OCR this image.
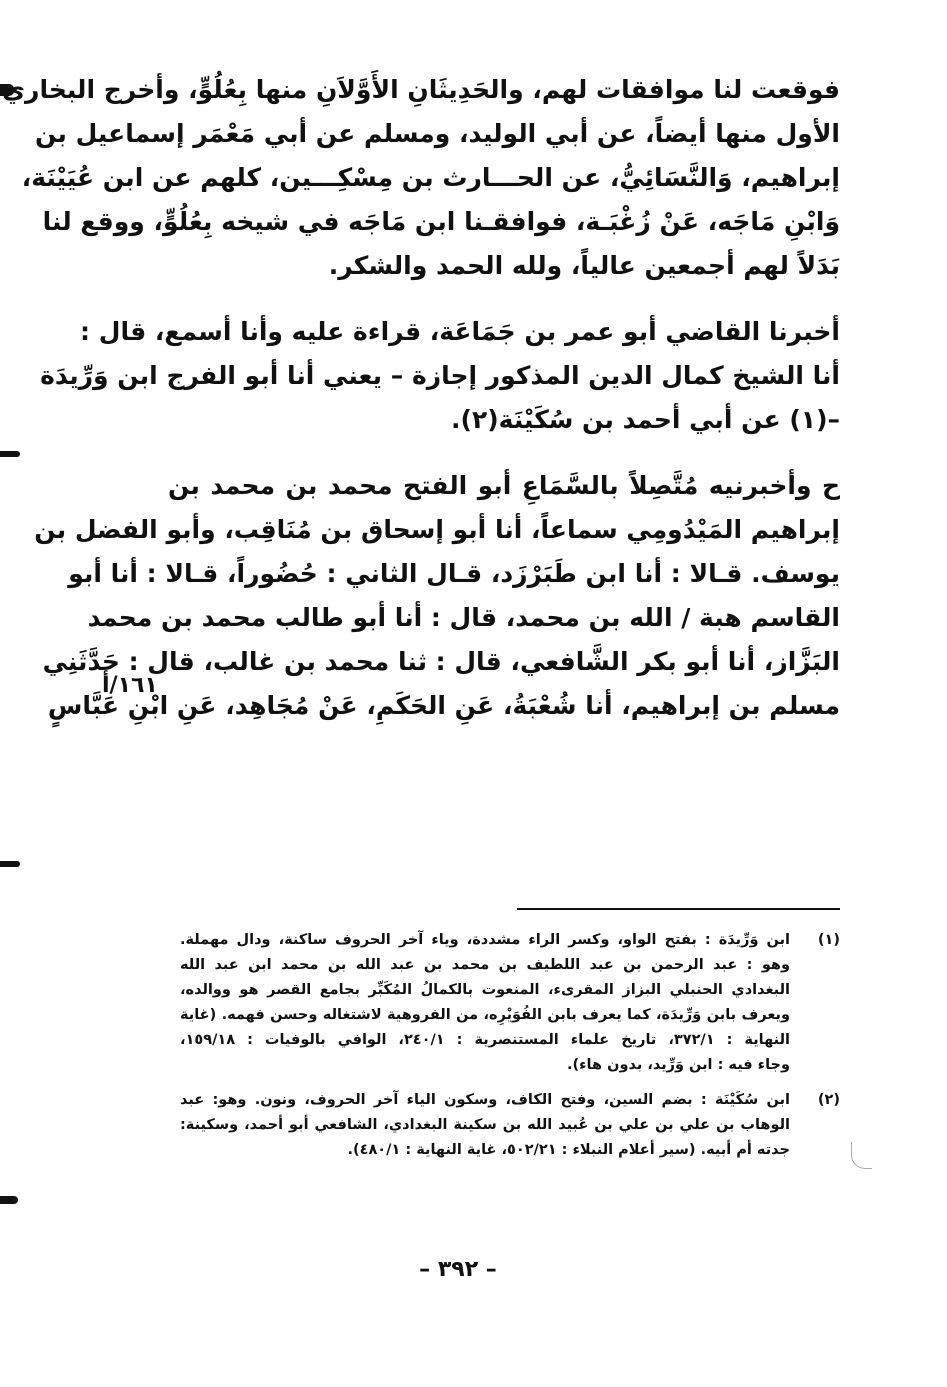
فوقعت لنا موافقات لهم، والحَدِيثَانِ الأَوَّلاَنِ منها بِعُلُوٍّ، وأخرج البخاري
الأول منها أيضاً، عن أبي الوليد، ومسلم عن أبي مَعْمَر إسماعيل بن
إبراهيم، وَالنَّسَائِيُّ، عن الحـــارث بن مِسْكِـــين، كلهم عن ابن عُيَيْنَة،
وَابْنِ مَاجَه، عَنْ زُغْبَـة، فوافقـنا ابن مَاجَه في شيخه بِعُلُوٍّ، ووقع لنا
بَدَلاً لهم أجمعين عالياً، ولله الحمد والشكر.
أخبرنا القاضي أبو عمر بن جَمَاعَة، قراءة عليه وأنا أسمع، قال :
أنا الشيخ كمال الدين المذكور إجازة – يعني أنا أبو الفرج ابن وَرِّيدَة
–(١) عن أبي أحمد بن سُكَيْنَة(٢).
ح وأخبرنيه مُتَّصِلاً بالسَّمَاعِ أبو الفتح محمد بن محمد بن
إبراهيم المَيْدُومِي سماعاً، أنا أبو إسحاق بن مُنَاقِب، وأبو الفضل بن
يوسف. قـالا : أنا ابن طَبَرْزَد، قـال الثاني : حُضُوراً، قـالا : أنا أبو
القاسم هبة / الله بن محمد، قال : أنا أبو طالب محمد بن محمد
البَزَّاز، أنا أبو بكر الشَّافعي، قال : ثنا محمد بن غالب، قال : حَدَّثَنِي
مسلم بن إبراهيم، أنا شُعْبَةُ، عَنِ الحَكَمِ، عَنْ مُجَاهِد، عَنِ ابْنِ عَبَّاسٍ
١٦١/أ
(١)
ابن وَرِّيدَة : بفتح الواو، وكسر الراء مشددة، وياء آخر الحروف ساكنة، ودال مهملة.
وهو : عبد الرحمن بن عبد اللطيف بن محمد بن عبد الله بن محمد ابن عبد الله
البغدادي الحنبلي البزاز المقرىء، المنعوت بالكمالُ المُكَبِّر بجامع القصر هو ووالده،
ويعرف بابن وَرِّيدَة، كما يعرف بابن الفُوَيْرِه، من الفروهية لاشتغاله وحسن فهمه. (غاية
النهاية : ٣٧٢/١، تاريخ علماء المستنصرية : ٢٤٠/١، الوافي بالوفيات : ١٥٩/١٨،
وجاء فيه : ابن وَرِّيد، بدون هاء).
(٢)
ابن سُكَيْنَة : بضم السين، وفتح الكاف، وسكون الياء آخر الحروف، ونون. وهو: عبد
الوهاب بن علي بن علي بن عُبيد الله بن سكينة البغدادي، الشافعي أبو أحمد، وسكينة:
جدته أم أبيه. (سير أعلام النبلاء : ٥٠٢/٢١، غاية النهاية : ٤٨٠/١).
– ٣٩٢ –
